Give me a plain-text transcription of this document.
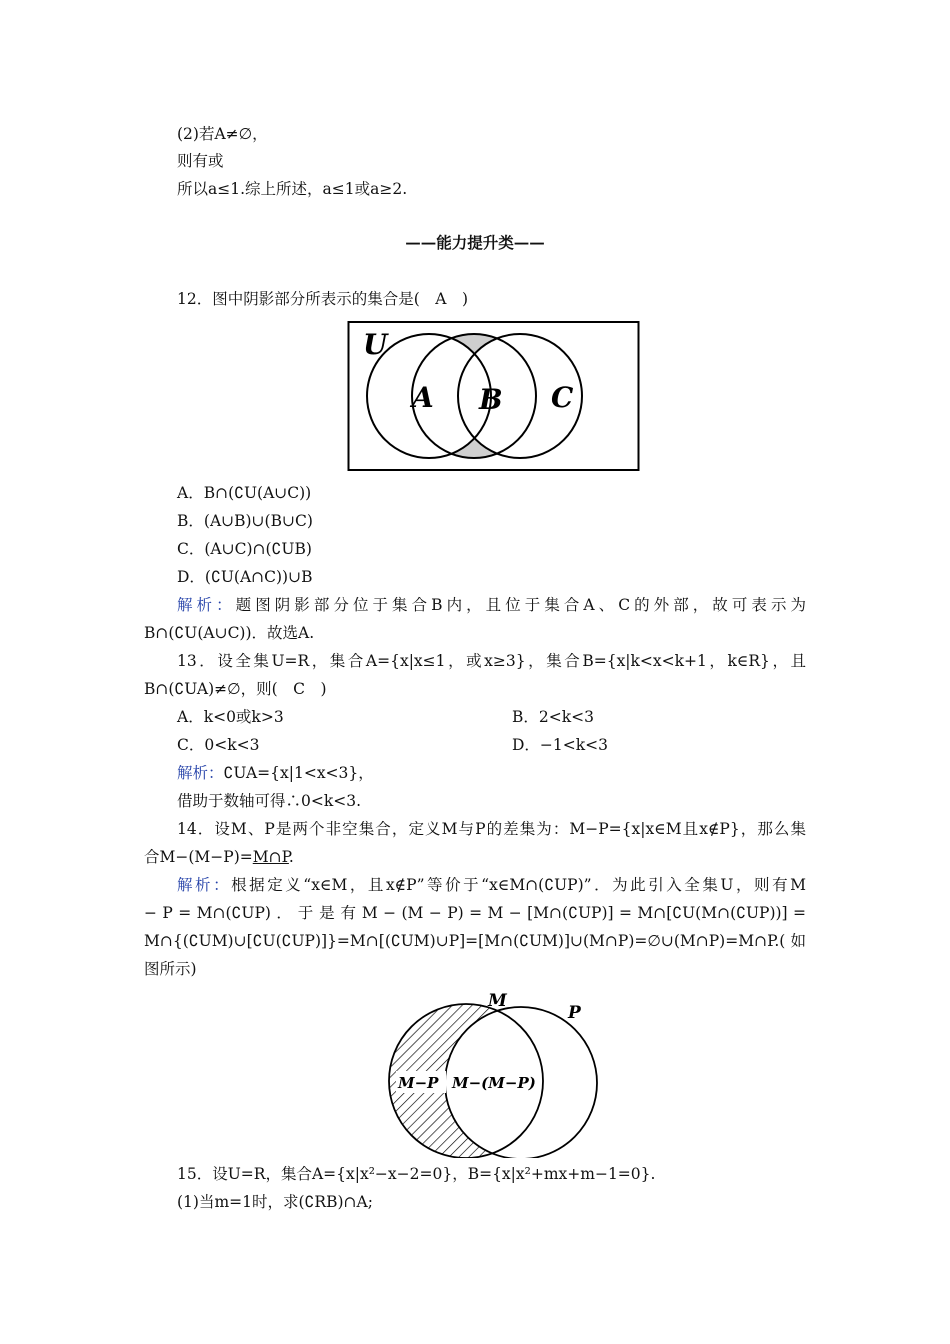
(2)若A≠∅，
则有或
所以a≤1.综上所述，a≤1或a≥2.
——能力提升类——
12．图中阴影部分所表示的集合是(　A　)
U
A B C
A．B∩(∁U(A∪C))
B．(A∪B)∪(B∪C)
C．(A∪C)∩(∁UB)
D．(∁U(A∩C))∪B
解析：题图阴影部分位于集合B内，且位于集合A、C的外部，故可表示为
B∩(∁U(A∪C))．故选A.
13．设全集U=R，集合A={x|x≤1，或x≥3}，集合B={x|k<x<k+1，k∈R}，且
B∩(∁UA)≠∅，则(　C　)
A．k<0或k>3	B．2<k<3
C．0<k<3	D．−1<k<3
解析：∁UA={x|1<x<3}，
借助于数轴可得∴0<k<3.
14．设M、P是两个非空集合，定义M与P的差集为：M−P={x|x∈M且x∉P}，那么集
合M−(M−P)=M∩P.
解析：根据定义“x∈M，且x∉P”等价于“x∈M∩(∁UP)”．为此引入全集U，则有M
− P = M∩(∁UP) ． 于 是 有 M − (M − P) = M − [M∩(∁UP)] = M∩[∁U(M∩(∁UP))] =
M∩{(∁UM)∪[∁U(∁UP)]}=M∩[(∁UM)∪P]=[M∩(∁UM)]∪(M∩P)=∅∪(M∩P)=M∩P.(如
图所示)
M
P
M−P M−(M−P)
15．设U=R，集合A={x|x²−x−2=0}，B={x|x²+mx+m−1=0}.
(1)当m=1时，求(∁RB)∩A;
